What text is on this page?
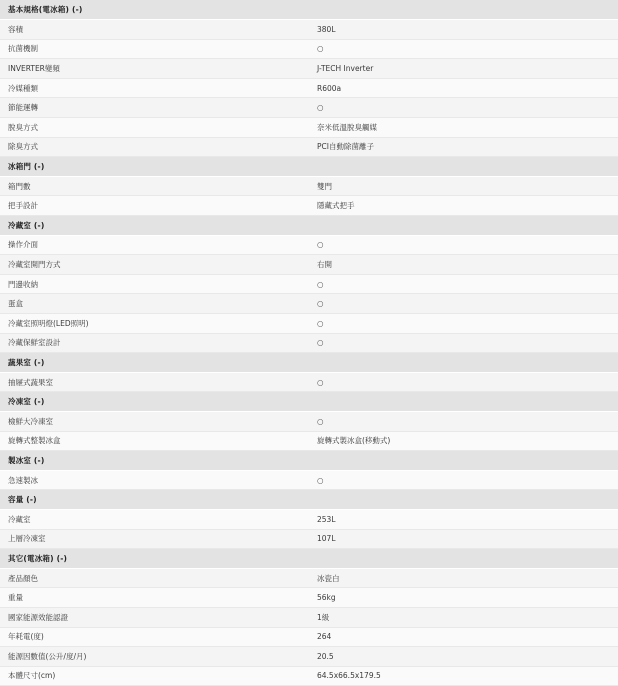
基本規格(電冰箱) (-)	
容積	380L
抗菌機制	○
INVERTER變頻	J-TECH Inverter
冷媒種類	R600a
節能運轉	○
脫臭方式	奈米低溫脫臭觸媒
除臭方式	PCI自動除菌離子
冰箱門 (-)	
箱門數	雙門
把手設計	隱藏式把手
冷藏室 (-)	
操作介面	○
冷藏室開門方式	右開
門邊收納	○
蛋盒	○
冷藏室照明燈(LED照明)	○
冷藏保鮮室設計	○
蔬果室 (-)	
抽屜式蔬果室	○
冷凍室 (-)	
檢鮮大冷凍室	○
旋轉式整製冰盒	旋轉式製冰盒(移動式)
製冰室 (-)	
急速製冰	○
容量 (-)	
冷藏室	253L
上層冷凍室	107L
其它(電冰箱) (-)	
產品顏色	冰瓷白
重量	56kg
國家能源效能認證	1級
年耗電(度)	264
能源因數值(公升/度/月)	20.5
本體尺寸(cm)	64.5x66.5x179.5
